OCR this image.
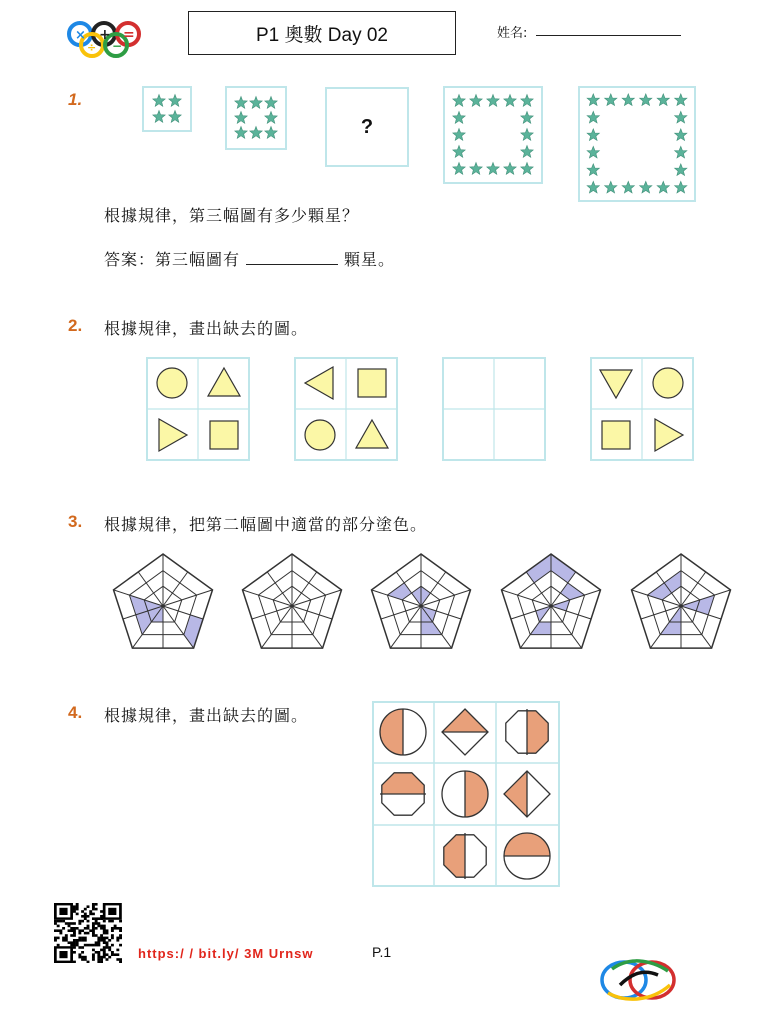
× + =
÷ −
P1 奧數 Day 02	姓名:
1.
?
根據規律，第三幅圖有多少顆星？
答案：第三幅圖有	顆星。
2. 根據規律，畫出缺去的圖。
3. 根據規律，把第二幅圖中適當的部分塗色。
4. 根據規律，畫出缺去的圖。
https:/ / bit.ly/ 3M Urnsw	P.1
